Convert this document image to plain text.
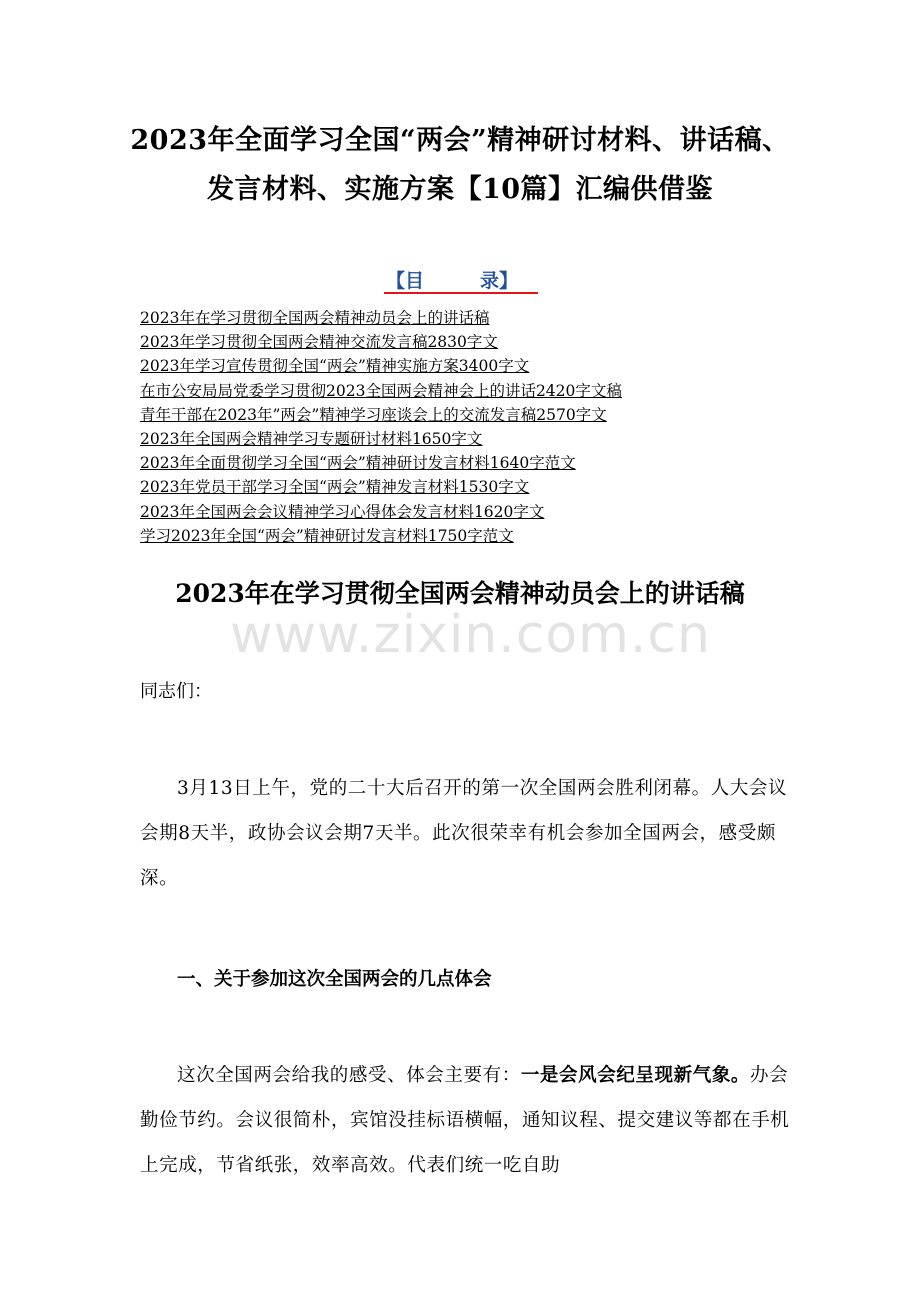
2023年全面学习全国“两会”精神研讨材料、讲话稿、
发言材料、实施方案【10篇】汇编供借鉴
【目	录】
2023年在学习贯彻全国两会精神动员会上的讲话稿
2023年学习贯彻全国两会精神交流发言稿2830字文
2023年学习宣传贯彻全国“两会”精神实施方案3400字文
在市公安局局党委学习贯彻2023全国两会精神会上的讲话2420字文稿
青年干部在2023年”两会”精神学习座谈会上的交流发言稿2570字文
2023年全国两会精神学习专题研讨材料1650字文
2023年全面贯彻学习全国“两会”精神研讨发言材料1640字范文
2023年党员干部学习全国“两会”精神发言材料1530字文
2023年全国两会会议精神学习心得体会发言材料1620字文
学习2023年全国“两会”精神研讨发言材料1750字范文
2023年在学习贯彻全国两会精神动员会上的讲话稿
www.zixin.com.cn
同志们：

3月13日上午，党的二十大后召开的第一次全国两会胜利闭幕。人大会议会期8天半，政协会议会期7天半。此次很荣幸有机会参加全国两会，感受颇深。

一、关于参加这次全国两会的几点体会

这次全国两会给我的感受、体会主要有：一是会风会纪呈现新气象。办会勤俭节约。会议很简朴，宾馆没挂标语横幅，通知议程、提交建议等都在手机上完成，节省纸张，效率高效。代表们统一吃自助
